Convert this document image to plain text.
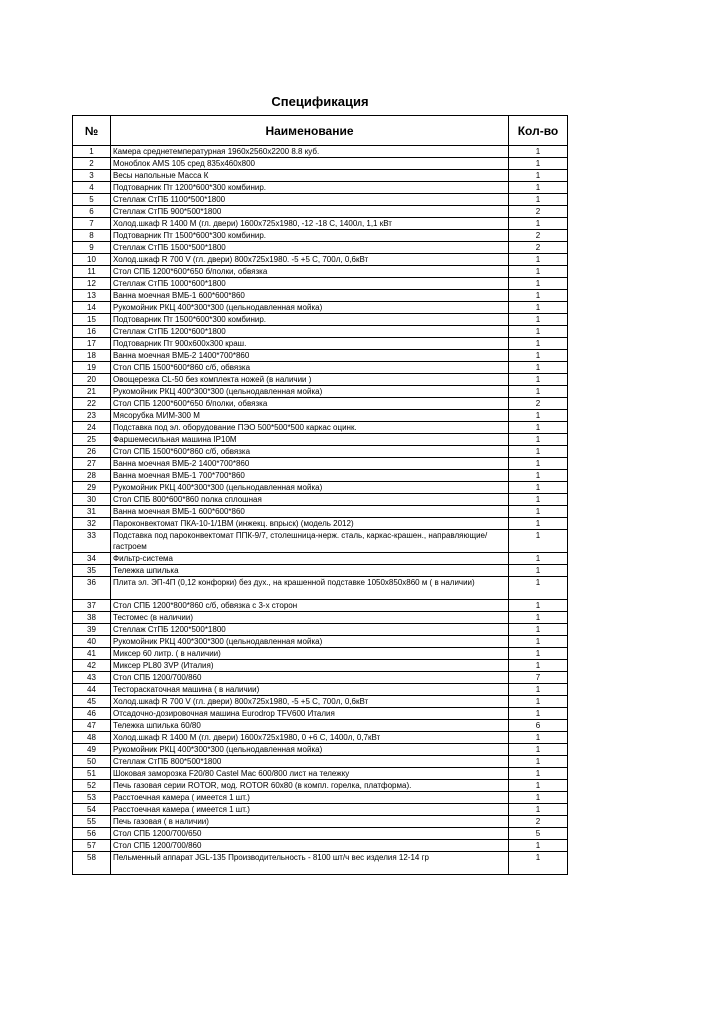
Спецификация
№	Наименование	Кол-во
1	Камера среднетемпературная 1960x2560x2200 8.8 куб.	1
2	Моноблок AMS 105 сред 835x460x800	1
3	Весы напольные Масса К	1
4	Подтоварник Пт 1200*600*300 комбинир.	1
5	Стеллаж СтПБ 1100*500*1800	1
6	Стеллаж СтПБ 900*500*1800	2
7	Холод.шкаф R 1400 M (гл. двери) 1600x725x1980, -12 -18 C, 1400л, 1,1 кВт	1
8	Подтоварник Пт 1500*600*300 комбинир.	2
9	Стеллаж СтПБ 1500*500*1800	2
10	Холод.шкаф R 700 V (гл. двери) 800x725x1980. -5 +5 C, 700л, 0,6кВт	1
11	Стол СПБ 1200*600*650 б/полки, обвязка	1
12	Стеллаж СтПБ 1000*600*1800	1
13	Ванна моечная ВМБ-1 600*600*860	1
14	Рукомойник РКЦ 400*300*300 (цельнодавленная мойка)	1
15	Подтоварник Пт 1500*600*300 комбинир.	1
16	Стеллаж СтПБ 1200*600*1800	1
17	Подтоварник Пт 900x600x300 краш.	1
18	Ванна моечная ВМБ-2 1400*700*860	1
19	Стол СПБ 1500*600*860 с/б, обвязка	1
20	Овощерезка CL-50 без комплекта ножей (в наличии )	1
21	Рукомойник РКЦ 400*300*300 (цельнодавленная мойка)	1
22	Стол СПБ 1200*600*650 б/полки, обвязка	2
23	Мясорубка МИМ-300 М	1
24	Подставка под эл. оборудование ПЭО 500*500*500 каркас оцинк.	1
25	Фаршемесильная машина IP10M	1
26	Стол СПБ 1500*600*860 с/б, обвязка	1
27	Ванна моечная ВМБ-2 1400*700*860	1
28	Ванна моечная ВМБ-1 700*700*860	1
29	Рукомойник РКЦ 400*300*300 (цельнодавленная мойка)	1
30	Стол СПБ 800*600*860 полка сплошная	1
31	Ванна моечная ВМБ-1 600*600*860	1
32	Пароконвектомат ПКА-10-1/1ВМ (инжекц. впрыск) (модель 2012)	1
33	Подставка под пароконвектомат ППК-9/7, столешница-нерж. сталь, каркас-крашен., направляющие/гастроем	1
34	Фильтр-система	1
35	Тележка шпилька	1
36	Плита эл. ЭП-4П (0,12 конфорки) без дух., на крашенной подставке 1050x850x860 м ( в наличии)	1
37	Стол СПБ 1200*800*860 с/б, обвязка с 3-х сторон	1
38	Тестомес (в наличии)	1
39	Стеллаж СтПБ 1200*500*1800	1
40	Рукомойник РКЦ 400*300*300 (цельнодавленная мойка)	1
41	Миксер 60 литр. ( в наличии)	1
42	Миксер PL80 3VP (Италия)	1
43	Стол СПБ 1200/700/860	7
44	Тестораскаточная машина ( в наличии)	1
45	Холод.шкаф R 700 V (гл. двери) 800x725x1980, -5 +5 C, 700л, 0,6кВт	1
46	Отсадочно-дозировочная машина Eurodrop TFV600 Италия	1
47	Тележка шпилька 60/80	6
48	Холод.шкаф R 1400 M (гл. двери) 1600x725x1980, 0 +6 C, 1400л, 0,7кВт	1
49	Рукомойник РКЦ 400*300*300 (цельнодавленная мойка)	1
50	Стеллаж СтПБ 800*500*1800	1
51	Шоковая заморозка F20/80 Castel Mac 600/800 лист на тележку	1
52	Печь газовая серии ROTOR, мод. ROTOR 60x80 (в компл. горелка, платформа).	1
53	Расстоечная камера ( имеется 1 шт.)	1
54	Расстоечная камера ( имеется 1 шт.)	1
55	Печь газовая ( в наличии)	2
56	Стол СПБ 1200/700/650	5
57	Стол СПБ 1200/700/860	1
58	Пельменный аппарат JGL-135 Производительность - 8100 шт/ч вес изделия 12-14 гр	1
